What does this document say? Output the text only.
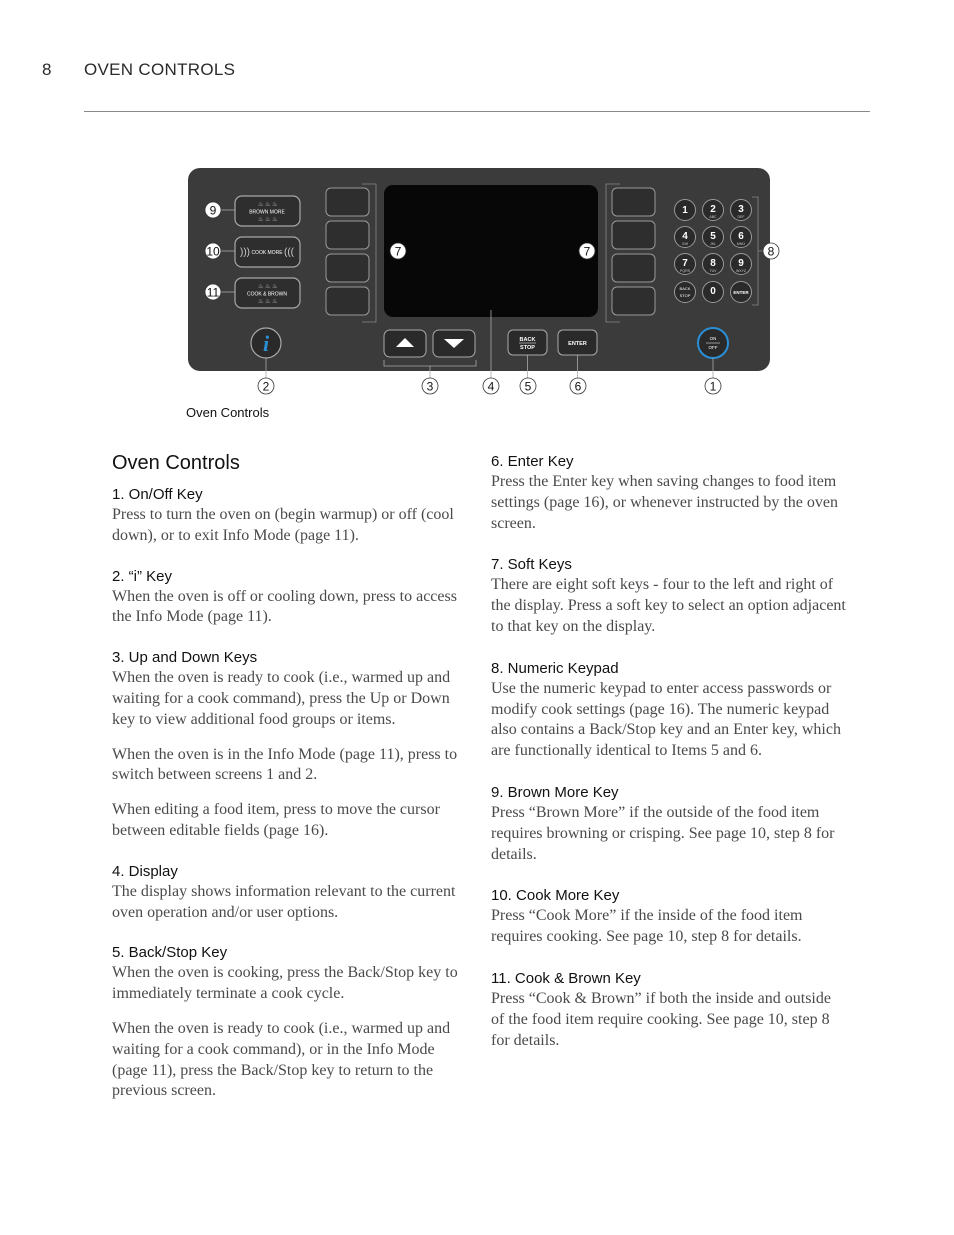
8 OVEN CONTROLS
♨ ♨ ♨
BROWN MORE
♨ ♨ ♨
))) COOK MORE (((
♨ ♨ ♨
COOK & BROWN
♨ ♨ ♨
1 2
ABC
3
DEF
4
GHI
5
JKL
6
MNO
7
PQRS
8
TUV
9
WXYZ
BACK
STOP 0	ENTER
i	BACK
STOP
ENTER
ON
OFF
9
10
11
7	7	8
2	3	4	5	6	1
Oven Controls
Oven Controls
1. On/Off Key

Press to turn the oven on (begin warmup) or off (cool down), or to exit Info Mode (page 11).

2. “i” Key

When the oven is off or cooling down, press to access the Info Mode (page 11).

3. Up and Down Keys

When the oven is ready to cook (i.e., warmed up and waiting for a cook command), press the Up or Down key to view additional food groups or items.

When the oven is in the Info Mode (page 11), press to switch between screens 1 and 2.

When editing a food item, press to move the cursor between editable fields (page 16).

4. Display

The display shows information relevant to the current oven operation and/or user options.

5. Back/Stop Key

When the oven is cooking, press the Back/Stop key to immediately terminate a cook cycle.

When the oven is ready to cook (i.e., warmed up and waiting for a cook command), or in the Info Mode (page 11), press the Back/Stop key to return to the previous screen.

6. Enter Key

Press the Enter key when saving changes to food item settings (page 16), or whenever instructed by the oven screen.

7. Soft Keys

There are eight soft keys - four to the left and right of the display. Press a soft key to select an option adjacent to that key on the display.

8. Numeric Keypad

Use the numeric keypad to enter access passwords or modify cook settings (page 16). The numeric keypad also contains a Back/Stop key and an Enter key, which are functionally identical to Items 5 and 6.

9. Brown More Key

Press “Brown More” if the outside of the food item requires browning or crisping. See page 10, step 8 for details.

10. Cook More Key

Press “Cook More” if the inside of the food item requires cooking. See page 10, step 8 for details.

11. Cook & Brown Key

Press “Cook & Brown” if both the inside and outside of the food item require cooking. See page 10, step 8 for details.
